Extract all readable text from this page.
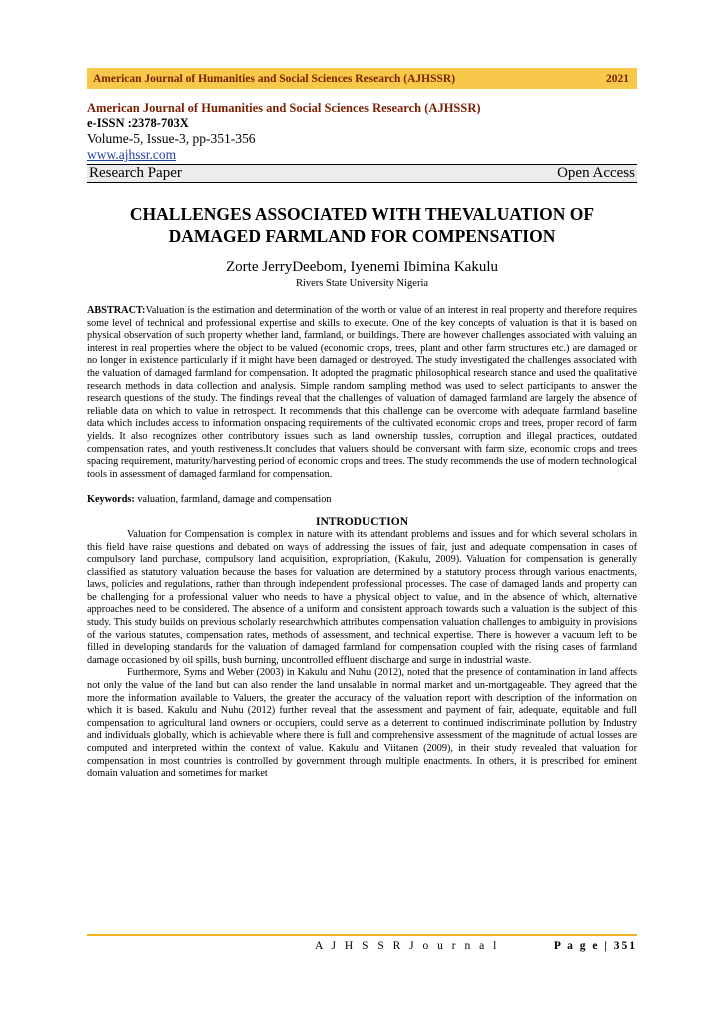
American Journal of Humanities and Social Sciences Research (AJHSSR)	2021
American Journal of Humanities and Social Sciences Research (AJHSSR)
e-ISSN :2378-703X
Volume-5, Issue-3, pp-351-356
www.ajhssr.com
Research Paper	Open Access
CHALLENGES ASSOCIATED WITH THEVALUATION OF DAMAGED FARMLAND FOR COMPENSATION
Zorte JerryDeebom, Iyenemi Ibimina Kakulu
Rivers State University Nigeria

ABSTRACT:Valuation is the estimation and determination of the worth or value of an interest in real property and therefore requires some level of technical and professional expertise and skills to execute. One of the key concepts of valuation is that it is based on physical observation of such property whether land, farmland, or buildings. There are however challenges associated with valuing an interest in real properties where the object to be valued (economic crops, trees, plant and other farm structures etc.) are damaged or no longer in existence particularly if it might have been damaged or destroyed. The study investigated the challenges associated with the valuation of damaged farmland for compensation. It adopted the pragmatic philosophical research stance and used the qualitative research methods in data collection and analysis. Simple random sampling method was used to select participants to answer the research questions of the study. The findings reveal that the challenges of valuation of damaged farmland are largely the absence of reliable data on which to value in retrospect. It recommends that this challenge can be overcome with adequate farmland baseline data which includes access to information onspacing requirements of the cultivated economic crops and trees, proper record of farm yields. It also recognizes other contributory issues such as land ownership tussles, corruption and illegal practices, outdated compensation rates, and youth restiveness.It concludes that valuers should be conversant with farm size, economic crops and trees spacing requirement, maturity/harvesting period of economic crops and trees. The study recommends the use of modern technological tools in assessment of damaged farmland for compensation.

Keywords: valuation, farmland, damage and compensation

INTRODUCTION

Valuation for Compensation is complex in nature with its attendant problems and issues and for which several scholars in this field have raise questions and debated on ways of addressing the issues of fair, just and adequate compensation in cases of compulsory land purchase, compulsory land acquisition, expropriation, (Kakulu, 2009). Valuation for compensation is generally classified as statutory valuation because the bases for valuation are determined by a statutory process through various enactments, laws, policies and regulations, rather than through independent professional processes. The case of damaged lands and property can be challenging for a professional valuer who needs to have a physical object to value, and in the absence of which, alternative approaches need to be considered. The absence of a uniform and consistent approach towards such a valuation is the subject of this study. This study builds on previous scholarly researchwhich attributes compensation valuation challenges to ambiguity in provisions of the various statutes, compensation rates, methods of assessment, and technical expertise. There is however a vacuum left to be filled in developing standards for the valuation of damaged farmland for compensation coupled with the rising cases of farmland damage occasioned by oil spills, bush burning, uncontrolled effluent discharge and surge in industrial waste.

Furthermore, Syms and Weber (2003) in Kakulu and Nuhu (2012), noted that the presence of contamination in land affects not only the value of the land but can also render the land unsalable in normal market and un-mortgageable. They agreed that the more the information available to Valuers, the greater the accuracy of the valuation report with description of the information on which it is based. Kakulu and Nuhu (2012) further reveal that the assessment and payment of fair, adequate, equitable and full compensation to agricultural land owners or occupiers, could serve as a deterrent to continued indiscriminate pollution by Industry and individuals globally, which is achievable where there is full and comprehensive assessment of the magnitude of actual losses are computed and interpreted within the context of value. Kakulu and Viitanen (2009), in their study revealed that valuation for compensation in most countries is controlled by government through multiple enactments. In others, it is prescribed for eminent domain valuation and sometimes for market

A J H S S R J o u r n a l	P a g e | 351
